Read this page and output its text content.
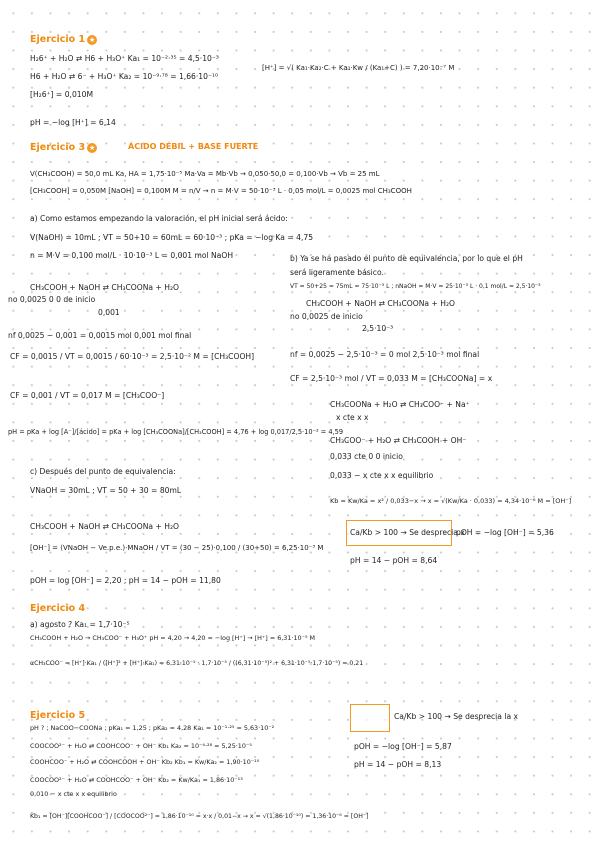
Ejercicio 1 ★
H₂6⁺ + H₂O ⇄ H6 + H₃O⁺ Ka₁ = 10⁻²·³⁵ = 4,5·10⁻³
H6 + H₂O ⇄ 6⁻ + H₃O⁺ Ka₂ = 10⁻⁹·⁷⁸ = 1,66·10⁻¹⁰
[H₂6⁺] = 0,010M
[H⁺] = √( Ka₁·Ka₂·C + Ka₁·Kw / (Ka₁+C) ) = 7,20·10⁻⁷ M
pH = −log [H⁺] = 6,14
Ejercicio 3 ★	ÁCIDO DÉBIL + BASE FUERTE
V(CH₃COOH) = 50,0 mL Ka, HA = 1,75·10⁻⁵ Ma·Va = Mb·Vb → 0,050·50,0 = 0,100·Vb → Vb = 25 mL
[CH₃COOH] = 0,050M [NaOH] = 0,100M M = n/V → n = M·V = 50·10⁻³ L · 0,05 mol/L = 0,0025 mol CH₃COOH
a) Como estamos empezando la valoración, el pH inicial será ácido:
V(NaOH) = 10mL ; VT = 50+10 = 60mL = 60·10⁻³ ; pKa = −log Ka = 4,75
n = M·V = 0,100 mol/L · 10·10⁻³ L = 0,001 mol NaOH
CH₃COOH + NaOH ⇄ CH₃COONa + H₂O
no 0,0025 0 0 de inicio
0,001
nf 0,0025 − 0,001 = 0,0015 mol 0,001 mol final
CF = 0,0015 / VT = 0,0015 / 60·10⁻³ = 2,5·10⁻² M = [CH₃COOH]
CF = 0,001 / VT = 0,017 M = [CH₃COO⁻]
pH = pKa + log [A⁻]/[ácido] = pKa + log [CH₃COONa]/[CH₃COOH] = 4,76 + log 0,017/2,5·10⁻² = 4,59
b) Ya se ha pasado el punto de equivalencia, por lo que el pH
será ligeramente básico.
VT = 50+25 = 75mL = 75·10⁻³ L ; nNaOH = M·V = 25·10⁻³ L · 0,1 mol/L = 2,5·10⁻³
CH₃COOH + NaOH ⇄ CH₃COONa + H₂O
no 0,0025 de inicio
2,5·10⁻³
nf = 0,0025 − 2,5·10⁻³ = 0 mol 2,5·10⁻³ mol final
CF = 2,5·10⁻³ mol / VT = 0,033 M = [CH₃COONa] = x
CH₃COONa + H₂O ⇄ CH₃COO⁻ + Na⁺
x cte x x
CH₃COO⁻ + H₂O ⇄ CH₃COOH + OH⁻
0,033 cte 0 0 inicio
0,033 − x cte x x equilibrio
Kb = Kw/Ka = x² / 0,033−x → x = √(Kw/Ka · 0,033) = 4,34·10⁻⁶ M = [OH⁻]
Ca/Kb > 100 → Se desprecia x
pOH = −log [OH⁻] = 5,36
pH = 14 − pOH = 8,64
c) Después del punto de equivalencia:
VNaOH = 30mL ; VT = 50 + 30 = 80mL
CH₃COOH + NaOH ⇄ CH₃COONa + H₂O
[OH⁻] = (VNaOH − Ve.p.e.)·MNaOH / VT = (30 − 25)·0,100 / (30+50) = 6,25·10⁻³ M
pOH = log [OH⁻] = 2,20 ; pH = 14 − pOH = 11,80
Ejercicio 4
a) agosto ? Ka₁ = 1,7·10⁻⁵
CH₃COOH + H₂O → CH₃COO⁻ + H₃O⁺ pH = 4,20 → 4,20 = −log [H⁺] → [H⁺] = 6,31·10⁻⁵ M
αCH₃COO⁻ = [H⁺]·Ka₁ / ([H⁺]² + [H⁺]·Ka₁) = 6,31·10⁻⁵ · 1,7·10⁻⁵ / ((6,31·10⁻⁵)² + 6,31·10⁻⁵·1,7·10⁻⁵) = 0,21
Ejercicio 5
pH ? ; NaCOO−COONa ; pKa₁ = 1,25 ; pKa₂ = 4,28 Ka₁ = 10⁻¹·²⁵ = 5,63·10⁻²
COOCOO²⁻ + H₂O ⇄ COOHCOO⁻ + OH⁻ Kb₁ Ka₂ = 10⁻⁴·²⁸ = 5,25·10⁻⁵
COOHCOO⁻ + H₂O ⇄ COOHCOOH + OH⁻ Kb₂ Kb₁ = Kw/Ka₂ = 1,90·10⁻¹⁰
COOCOO²⁻ + H₂O ⇄ COOHCOO⁻ + OH⁻ Kb₂ = Kw/Ka₁ = 1,86·10⁻¹³
0,010 − x cte x x equilibrio
Kb₁ = [OH⁻][COOHCOO⁻] / [COOCOO²⁻] = 1,86·10⁻¹⁰ = x·x / 0,01−x → x = √(1,86·10⁻¹⁰) = 1,36·10⁻⁶ = [OH⁻]
Ca/Kb > 100 → Se desprecia la x
pOH = −log [OH⁻] = 5,87
pH = 14 − pOH = 8,13
